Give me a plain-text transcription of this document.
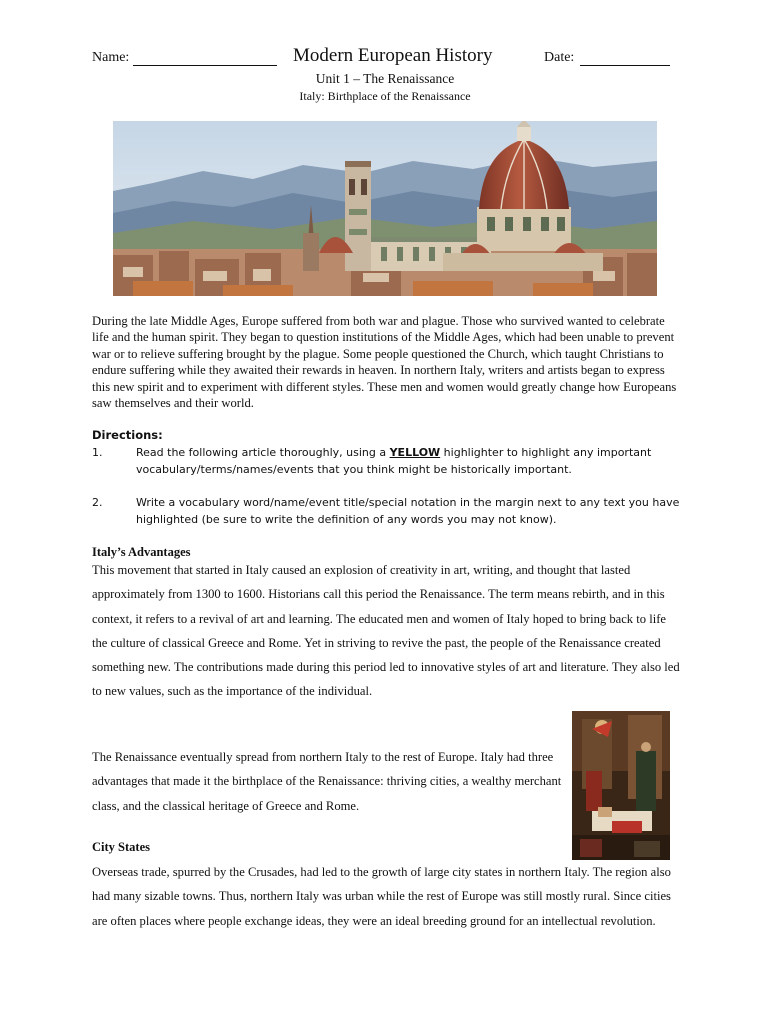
Name:	Modern European History	Date:
Unit 1 – The Renaissance
Italy: Birthplace of the Renaissance

During the late Middle Ages, Europe suffered from both war and plague. Those who survived wanted to celebrate life and the human spirit. They began to question institutions of the Middle Ages, which had been unable to prevent war or to relieve suffering brought by the plague. Some people questioned the Church, which taught Christians to endure suffering while they awaited their rewards in heaven. In northern Italy, writers and artists began to express this new spirit and to experiment with different styles. These men and women would greatly change how Europeans saw themselves and their world.

Directions:
1.	Read the following article thoroughly, using a YELLOW highlighter to highlight any important vocabulary/terms/names/events that you think might be historically important.
2.	Write a vocabulary word/name/event title/special notation in the margin next to any text you have highlighted (be sure to write the definition of any words you may not know).
Italy’s Advantages

This movement that started in Italy caused an explosion of creativity in art, writing, and thought that lasted approximately from 1300 to 1600. Historians call this period the Renaissance. The term means rebirth, and in this context, it refers to a revival of art and learning. The educated men and women of Italy hoped to bring back to life the culture of classical Greece and Rome. Yet in striving to revive the past, the people of the Renaissance created something new. The contributions made during this period led to innovative styles of art and literature. They also led to new values, such as the importance of the individual.

The Renaissance eventually spread from northern Italy to the rest of Europe. Italy had three advantages that made it the birthplace of the Renaissance: thriving cities, a wealthy merchant class, and the classical heritage of Greece and Rome.

City States

Overseas trade, spurred by the Crusades, had led to the growth of large city states in northern Italy. The region also had many sizable towns. Thus, northern Italy was urban while the rest of Europe was still mostly rural. Since cities are often places where people exchange ideas, they were an ideal breeding ground for an intellectual revolution.
